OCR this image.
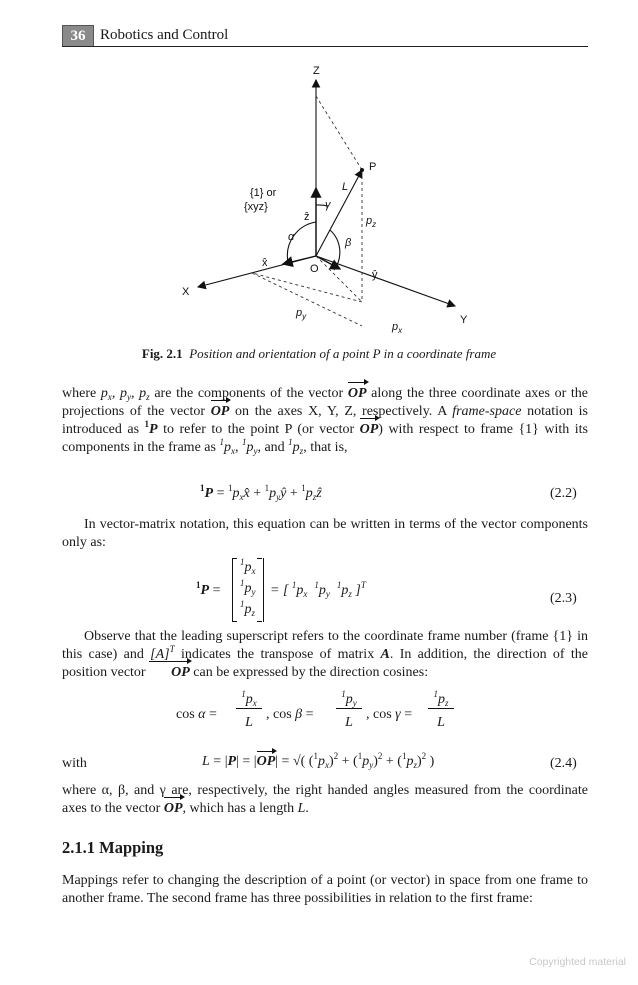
36 Robotics and Control
Z
X
Y
P
O
L
{1} or
{xyz}	γ
α	β
ẑ
x̂
ŷ
$p_z$
$p_y$
$p_x$
Fig. 2.1 Position and orientation of a point P in a coordinate frame
where $p_x$, $p_y$, $p_z$ are the components of the vector OP along the three coordinate axes or the projections of the vector OP on the axes X, Y, Z, respectively. A frame-space notation is introduced as $^1$P to refer to the point P (or vector OP) with respect to frame {1} with its components in the frame as $^1p_x$, $^1p_y$, and $^1p_z$, that is,
$^1P = ^1p_xx̂$ + $^1p_yŷ$ + $^1p_zẑ$	(2.2)
In vector-matrix notation, this equation can be written in terms of the vector components only as:
$^1$P =
$^1p_x$
$^1p_y$
$^1p_z$
= [ $^1p_x$  $^1p_y$  $^1p_z$ ]$^T$
(2.3)
Observe that the leading superscript refers to the coordinate frame number (frame {1} in this case) and $[A]^T$ indicates the transpose of matrix A. In addition, the direction of the position vector OP can be expressed by the direction cosines:
cos α =
$^1p_x$
L
, cos β =
$^1p_y$
L
, cos γ =
$^1p_z$
L
with	L = |P| = |OP| = √( $(^1p_x)^2 + (^1p_y)^2 + (^1p_z)^2$ )	(2.4)
where α, β, and γ are, respectively, the right handed angles measured from the coordinate axes to the vector OP, which has a length L.
2.1.1 Mapping
Mappings refer to changing the description of a point (or vector) in space from one frame to another frame. The second frame has three possibilities in relation to the first frame:
Copyrighted material
